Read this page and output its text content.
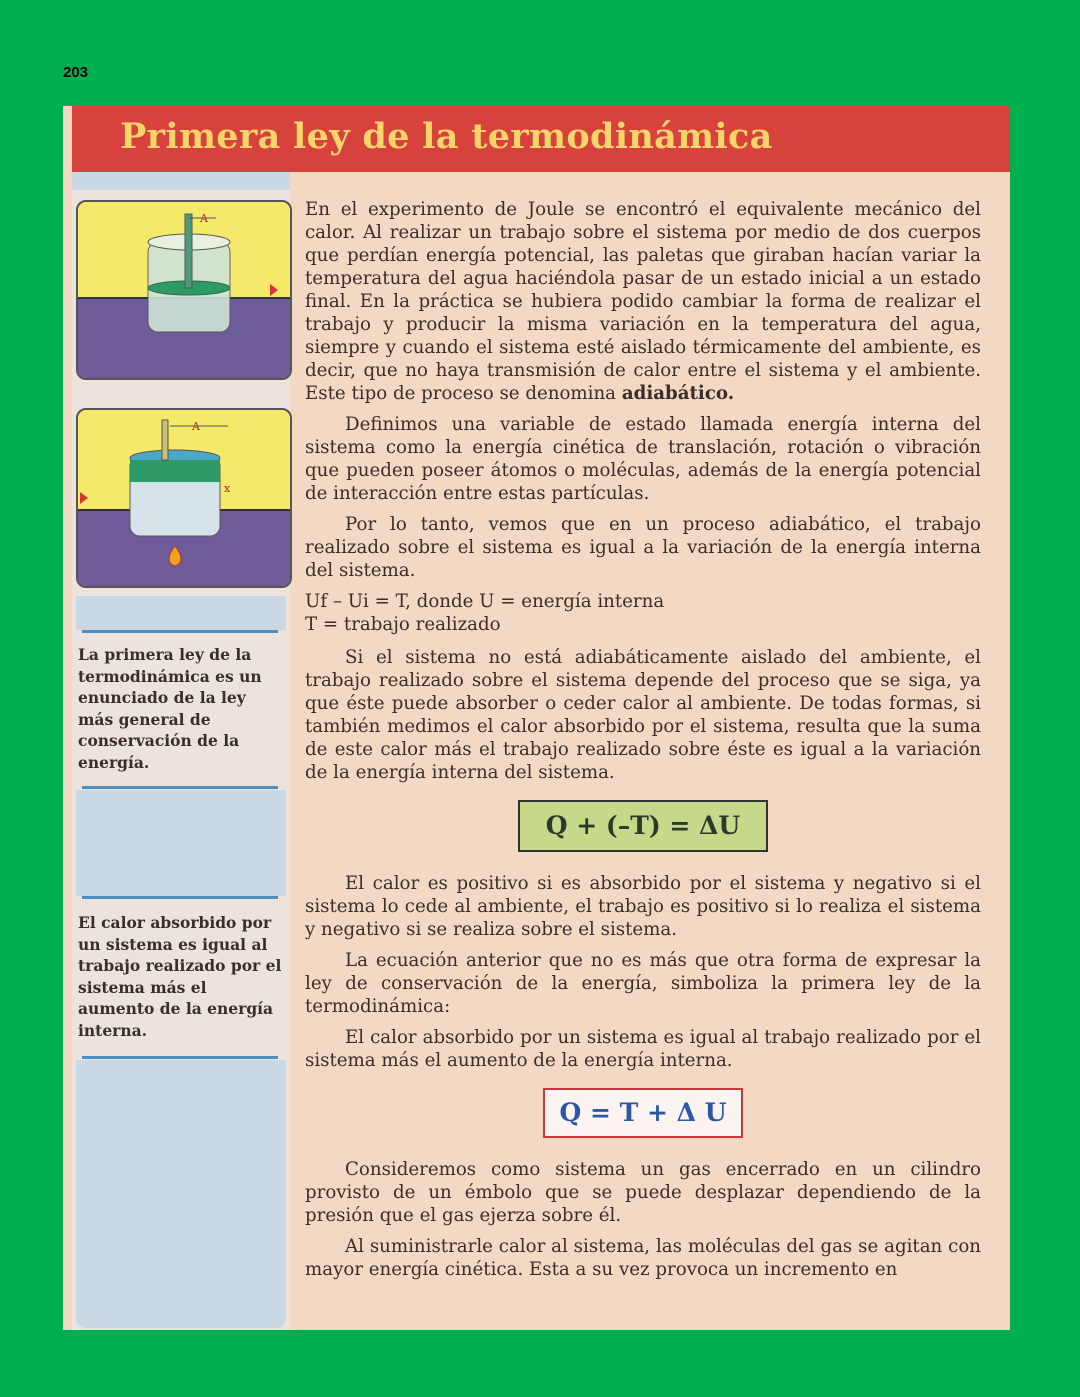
203
Primera ley de la termodinámica
A
A
x
La primera ley de la termodinámica es un enunciado de la ley más general de conservación de la energía.
El calor absorbido por un sistema es igual al trabajo realizado por el sistema más el aumento de la energía interna.

En el experimento de Joule se encontró el equivalente mecánico del calor. Al realizar un trabajo sobre el sistema por medio de dos cuerpos que perdían energía potencial, las paletas que giraban hacían variar la temperatura del agua haciéndola pasar de un estado inicial a un estado final. En la práctica se hubiera podido cambiar la forma de realizar el trabajo y producir la misma variación en la temperatura del agua, siempre y cuando el sistema esté aislado térmicamente del ambiente, es decir, que no haya transmisión de calor entre el sistema y el ambiente. Este tipo de proceso se denomina adiabático.

Definimos una variable de estado llamada energía interna del sistema como la energía cinética de translación, rotación o vibración que pueden poseer átomos o moléculas, además de la energía potencial de interacción entre estas partículas.

Por lo tanto, vemos que en un proceso adiabático, el trabajo realizado sobre el sistema es igual a la variación de la energía interna del sistema.

Uf – Ui = T, donde U = energía interna
T = trabajo realizado

Si el sistema no está adiabáticamente aislado del ambiente, el trabajo realizado sobre el sistema depende del proceso que se siga, ya que éste puede absorber o ceder calor al ambiente. De todas formas, si también medimos el calor absorbido por el sistema, resulta que la suma de este calor más el trabajo realizado sobre éste es igual a la variación de la energía interna del sistema.

Q + (–T) = ΔU

El calor es positivo si es absorbido por el sistema y negativo si el sistema lo cede al ambiente, el trabajo es positivo si lo realiza el sistema y negativo si se realiza sobre el sistema.

La ecuación anterior que no es más que otra forma de expresar la ley de conservación de la energía, simboliza la primera ley de la termodinámica:

El calor absorbido por un sistema es igual al trabajo realizado por el sistema más el aumento de la energía interna.

Q = T + Δ U

Consideremos como sistema un gas encerrado en un cilindro provisto de un émbolo que se puede desplazar dependiendo de la presión que el gas ejerza sobre él.

Al suministrarle calor al sistema, las moléculas del gas se agitan con mayor energía cinética. Esta a su vez provoca un incremento en
